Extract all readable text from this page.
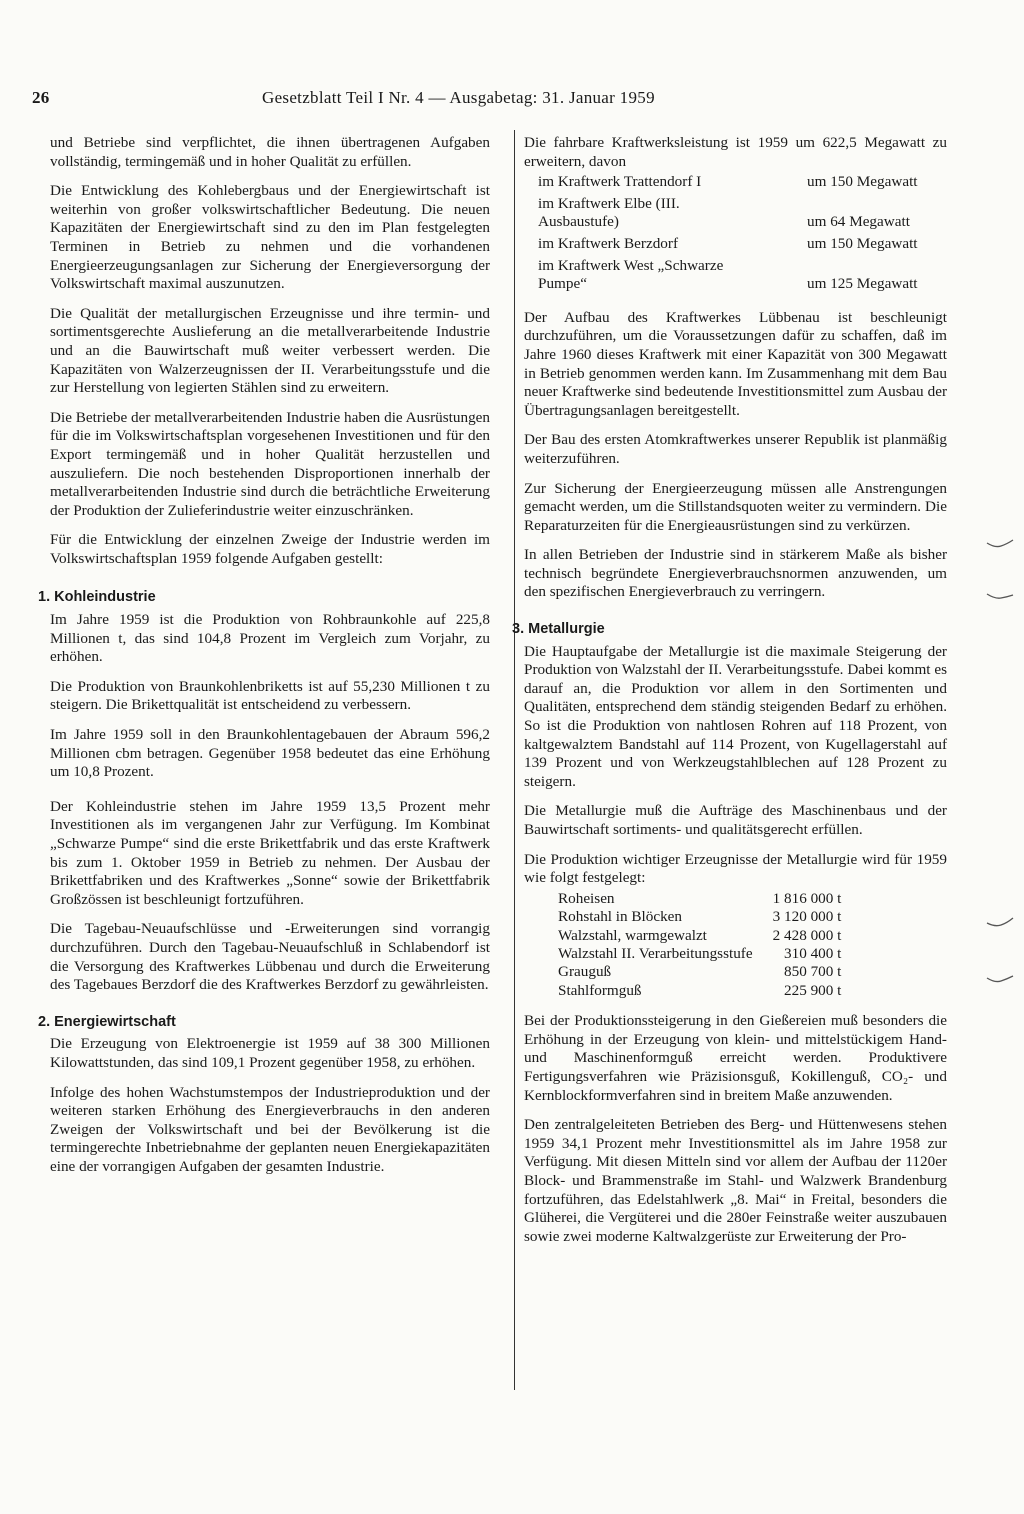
26	Gesetzblatt Teil I Nr. 4 — Ausgabetag: 31. Januar 1959

und Betriebe sind verpflichtet, die ihnen übertragenen Aufgaben vollständig, termingemäß und in hoher Qualität zu erfüllen.

Die Entwicklung des Kohlebergbaus und der Energiewirtschaft ist weiterhin von großer volkswirtschaftlicher Bedeutung. Die neuen Kapazitäten der Energiewirtschaft sind zu den im Plan festgelegten Terminen in Betrieb zu nehmen und die vorhandenen Energieerzeugungsanlagen zur Sicherung der Energieversorgung der Volkswirtschaft maximal auszunutzen.

Die Qualität der metallurgischen Erzeugnisse und ihre termin- und sortimentsgerechte Auslieferung an die metallverarbeitende Industrie und an die Bauwirtschaft muß weiter verbessert werden. Die Kapazitäten von Walzerzeugnissen der II. Verarbeitungsstufe und die zur Herstellung von legierten Stählen sind zu erweitern.

Die Betriebe der metallverarbeitenden Industrie haben die Ausrüstungen für die im Volkswirtschaftsplan vorgesehenen Investitionen und für den Export termingemäß und in hoher Qualität herzustellen und auszuliefern. Die noch bestehenden Disproportionen innerhalb der metallverarbeitenden Industrie sind durch die beträchtliche Erweiterung der Produktion der Zulieferindustrie weiter einzuschränken.

Für die Entwicklung der einzelnen Zweige der Industrie werden im Volkswirtschaftsplan 1959 folgende Aufgaben gestellt:

1. Kohleindustrie

Im Jahre 1959 ist die Produktion von Rohbraunkohle auf 225,8 Millionen t, das sind 104,8 Prozent im Vergleich zum Vorjahr, zu erhöhen.

Die Produktion von Braunkohlenbriketts ist auf 55,230 Millionen t zu steigern. Die Brikettqualität ist entscheidend zu verbessern.

Im Jahre 1959 soll in den Braunkohlentagebauen der Abraum 596,2 Millionen cbm betragen. Gegenüber 1958 bedeutet das eine Erhöhung um 10,8 Prozent.

Der Kohleindustrie stehen im Jahre 1959 13,5 Prozent mehr Investitionen als im vergangenen Jahr zur Verfügung. Im Kombinat „Schwarze Pumpe“ sind die erste Brikettfabrik und das erste Kraftwerk bis zum 1. Oktober 1959 in Betrieb zu nehmen. Der Ausbau der Brikettfabriken und des Kraftwerkes „Sonne“ sowie der Brikettfabrik Großzössen ist beschleunigt fortzuführen.

Die Tagebau-Neuaufschlüsse und -Erweiterungen sind vorrangig durchzuführen. Durch den Tagebau-Neuaufschluß in Schlabendorf ist die Versorgung des Kraftwerkes Lübbenau und durch die Erweiterung des Tagebaues Berzdorf die des Kraftwerkes Berzdorf zu gewährleisten.

2. Energiewirtschaft

Die Erzeugung von Elektroenergie ist 1959 auf 38 300 Millionen Kilowattstunden, das sind 109,1 Prozent gegenüber 1958, zu erhöhen.

Infolge des hohen Wachstumstempos der Industrieproduktion und der weiteren starken Erhöhung des Energieverbrauchs in den anderen Zweigen der Volkswirtschaft und bei der Bevölkerung ist die termingerechte Inbetriebnahme der geplanten neuen Energiekapazitäten eine der vorrangigen Aufgaben der gesamten Industrie.

Die fahrbare Kraftwerksleistung ist 1959 um 622,5 Megawatt zu erweitern, davon

im Kraftwerk Trattendorf I	um 150 Megawatt
im Kraftwerk Elbe (III. Ausbaustufe)	um 64 Megawatt
im Kraftwerk Berzdorf	um 150 Megawatt
im Kraftwerk West „Schwarze Pumpe“	um 125 Megawatt

Der Aufbau des Kraftwerkes Lübbenau ist beschleunigt durchzuführen, um die Voraussetzungen dafür zu schaffen, daß im Jahre 1960 dieses Kraftwerk mit einer Kapazität von 300 Megawatt in Betrieb genommen werden kann. Im Zusammenhang mit dem Bau neuer Kraftwerke sind bedeutende Investitionsmittel zum Ausbau der Übertragungsanlagen bereitgestellt.

Der Bau des ersten Atomkraftwerkes unserer Republik ist planmäßig weiterzuführen.

Zur Sicherung der Energieerzeugung müssen alle Anstrengungen gemacht werden, um die Stillstandsquoten weiter zu vermindern. Die Reparaturzeiten für die Energieausrüstungen sind zu verkürzen.

In allen Betrieben der Industrie sind in stärkerem Maße als bisher technisch begründete Energieverbrauchsnormen anzuwenden, um den spezifischen Energieverbrauch zu verringern.

3. Metallurgie

Die Hauptaufgabe der Metallurgie ist die maximale Steigerung der Produktion von Walzstahl der II. Verarbeitungsstufe. Dabei kommt es darauf an, die Produktion vor allem in den Sortimenten und Qualitäten, entsprechend dem ständig steigenden Bedarf zu erhöhen. So ist die Produktion von nahtlosen Rohren auf 118 Prozent, von kaltgewalztem Bandstahl auf 114 Prozent, von Kugellagerstahl auf 139 Prozent und von Werkzeugstahlblechen auf 128 Prozent zu steigern.

Die Metallurgie muß die Aufträge des Maschinenbaus und der Bauwirtschaft sortiments- und qualitätsgerecht erfüllen.

Die Produktion wichtiger Erzeugnisse der Metallurgie wird für 1959 wie folgt festgelegt:

Roheisen	1 816 000 t
Rohstahl in Blöcken	3 120 000 t
Walzstahl, warmgewalzt	2 428 000 t
Walzstahl II. Verarbeitungsstufe	310 400 t
Grauguß	850 700 t
Stahlformguß	225 900 t

Bei der Produktionssteigerung in den Gießereien muß besonders die Erhöhung in der Erzeugung von klein- und mittelstückigem Hand- und Maschinenformguß erreicht werden. Produktivere Fertigungsverfahren wie Präzisionsguß, Kokillenguß, CO₂- und Kernblockformverfahren sind in breitem Maße anzuwenden.

Den zentralgeleiteten Betrieben des Berg- und Hüttenwesens stehen 1959 34,1 Prozent mehr Investitionsmittel als im Jahre 1958 zur Verfügung. Mit diesen Mitteln sind vor allem der Aufbau der 1120er Block- und Brammenstraße im Stahl- und Walzwerk Brandenburg fortzuführen, das Edelstahlwerk „8. Mai“ in Freital, besonders die Glüherei, die Vergüterei und die 280er Feinstraße weiter auszubauen sowie zwei moderne Kaltwalzgerüste zur Erweiterung der Pro-
